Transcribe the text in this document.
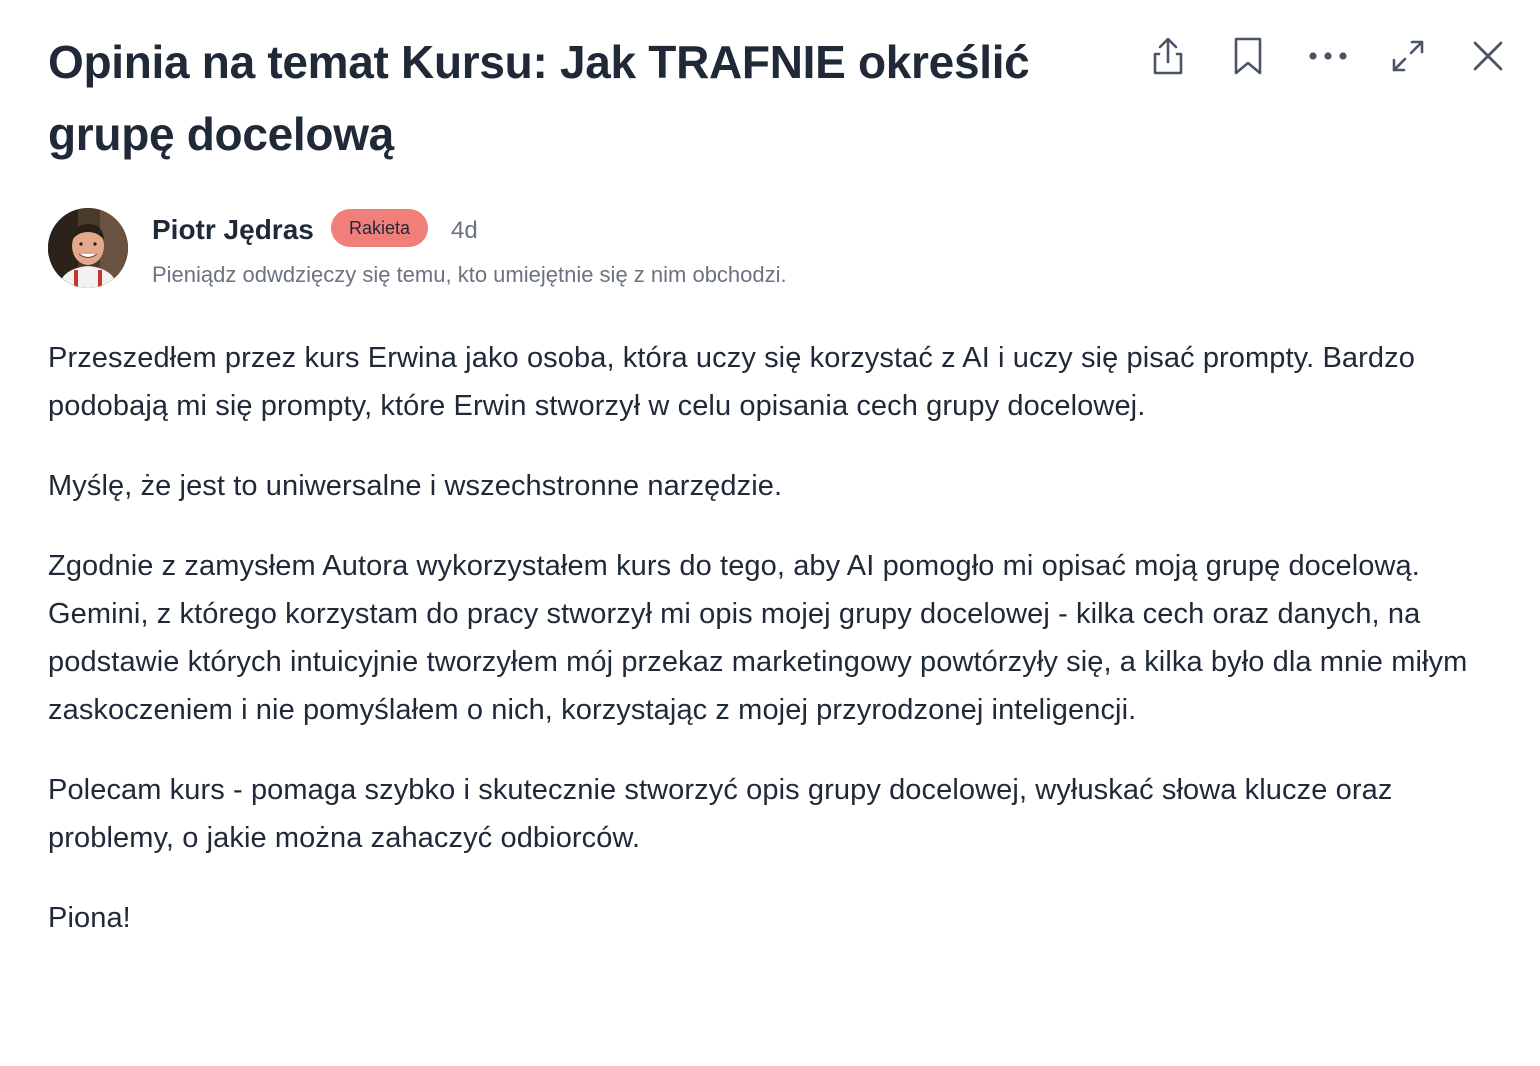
Opinia na temat Kursu: Jak TRAFNIE określić grupę docelową
Piotr Jędras	Rakieta	4d
Pieniądz odwdzięczy się temu, kto umiejętnie się z nim obchodzi.

Przeszedłem przez kurs Erwina jako osoba, która uczy się korzystać z AI i uczy się pisać prompty. Bardzo podobają mi się prompty, które Erwin stworzył w celu opisania cech grupy docelowej.

Myślę, że jest to uniwersalne i wszechstronne narzędzie.

Zgodnie z zamysłem Autora wykorzystałem kurs do tego, aby AI pomogło mi opisać moją grupę docelową. Gemini, z którego korzystam do pracy stworzył mi opis mojej grupy docelowej - kilka cech oraz danych, na podstawie których intuicyjnie tworzyłem mój przekaz marketingowy powtórzyły się, a kilka było dla mnie miłym zaskoczeniem i nie pomyślałem o nich, korzystając z mojej przyrodzonej inteligencji.

Polecam kurs - pomaga szybko i skutecznie stworzyć opis grupy docelowej, wyłuskać słowa klucze oraz problemy, o jakie można zahaczyć odbiorców.

Piona!
